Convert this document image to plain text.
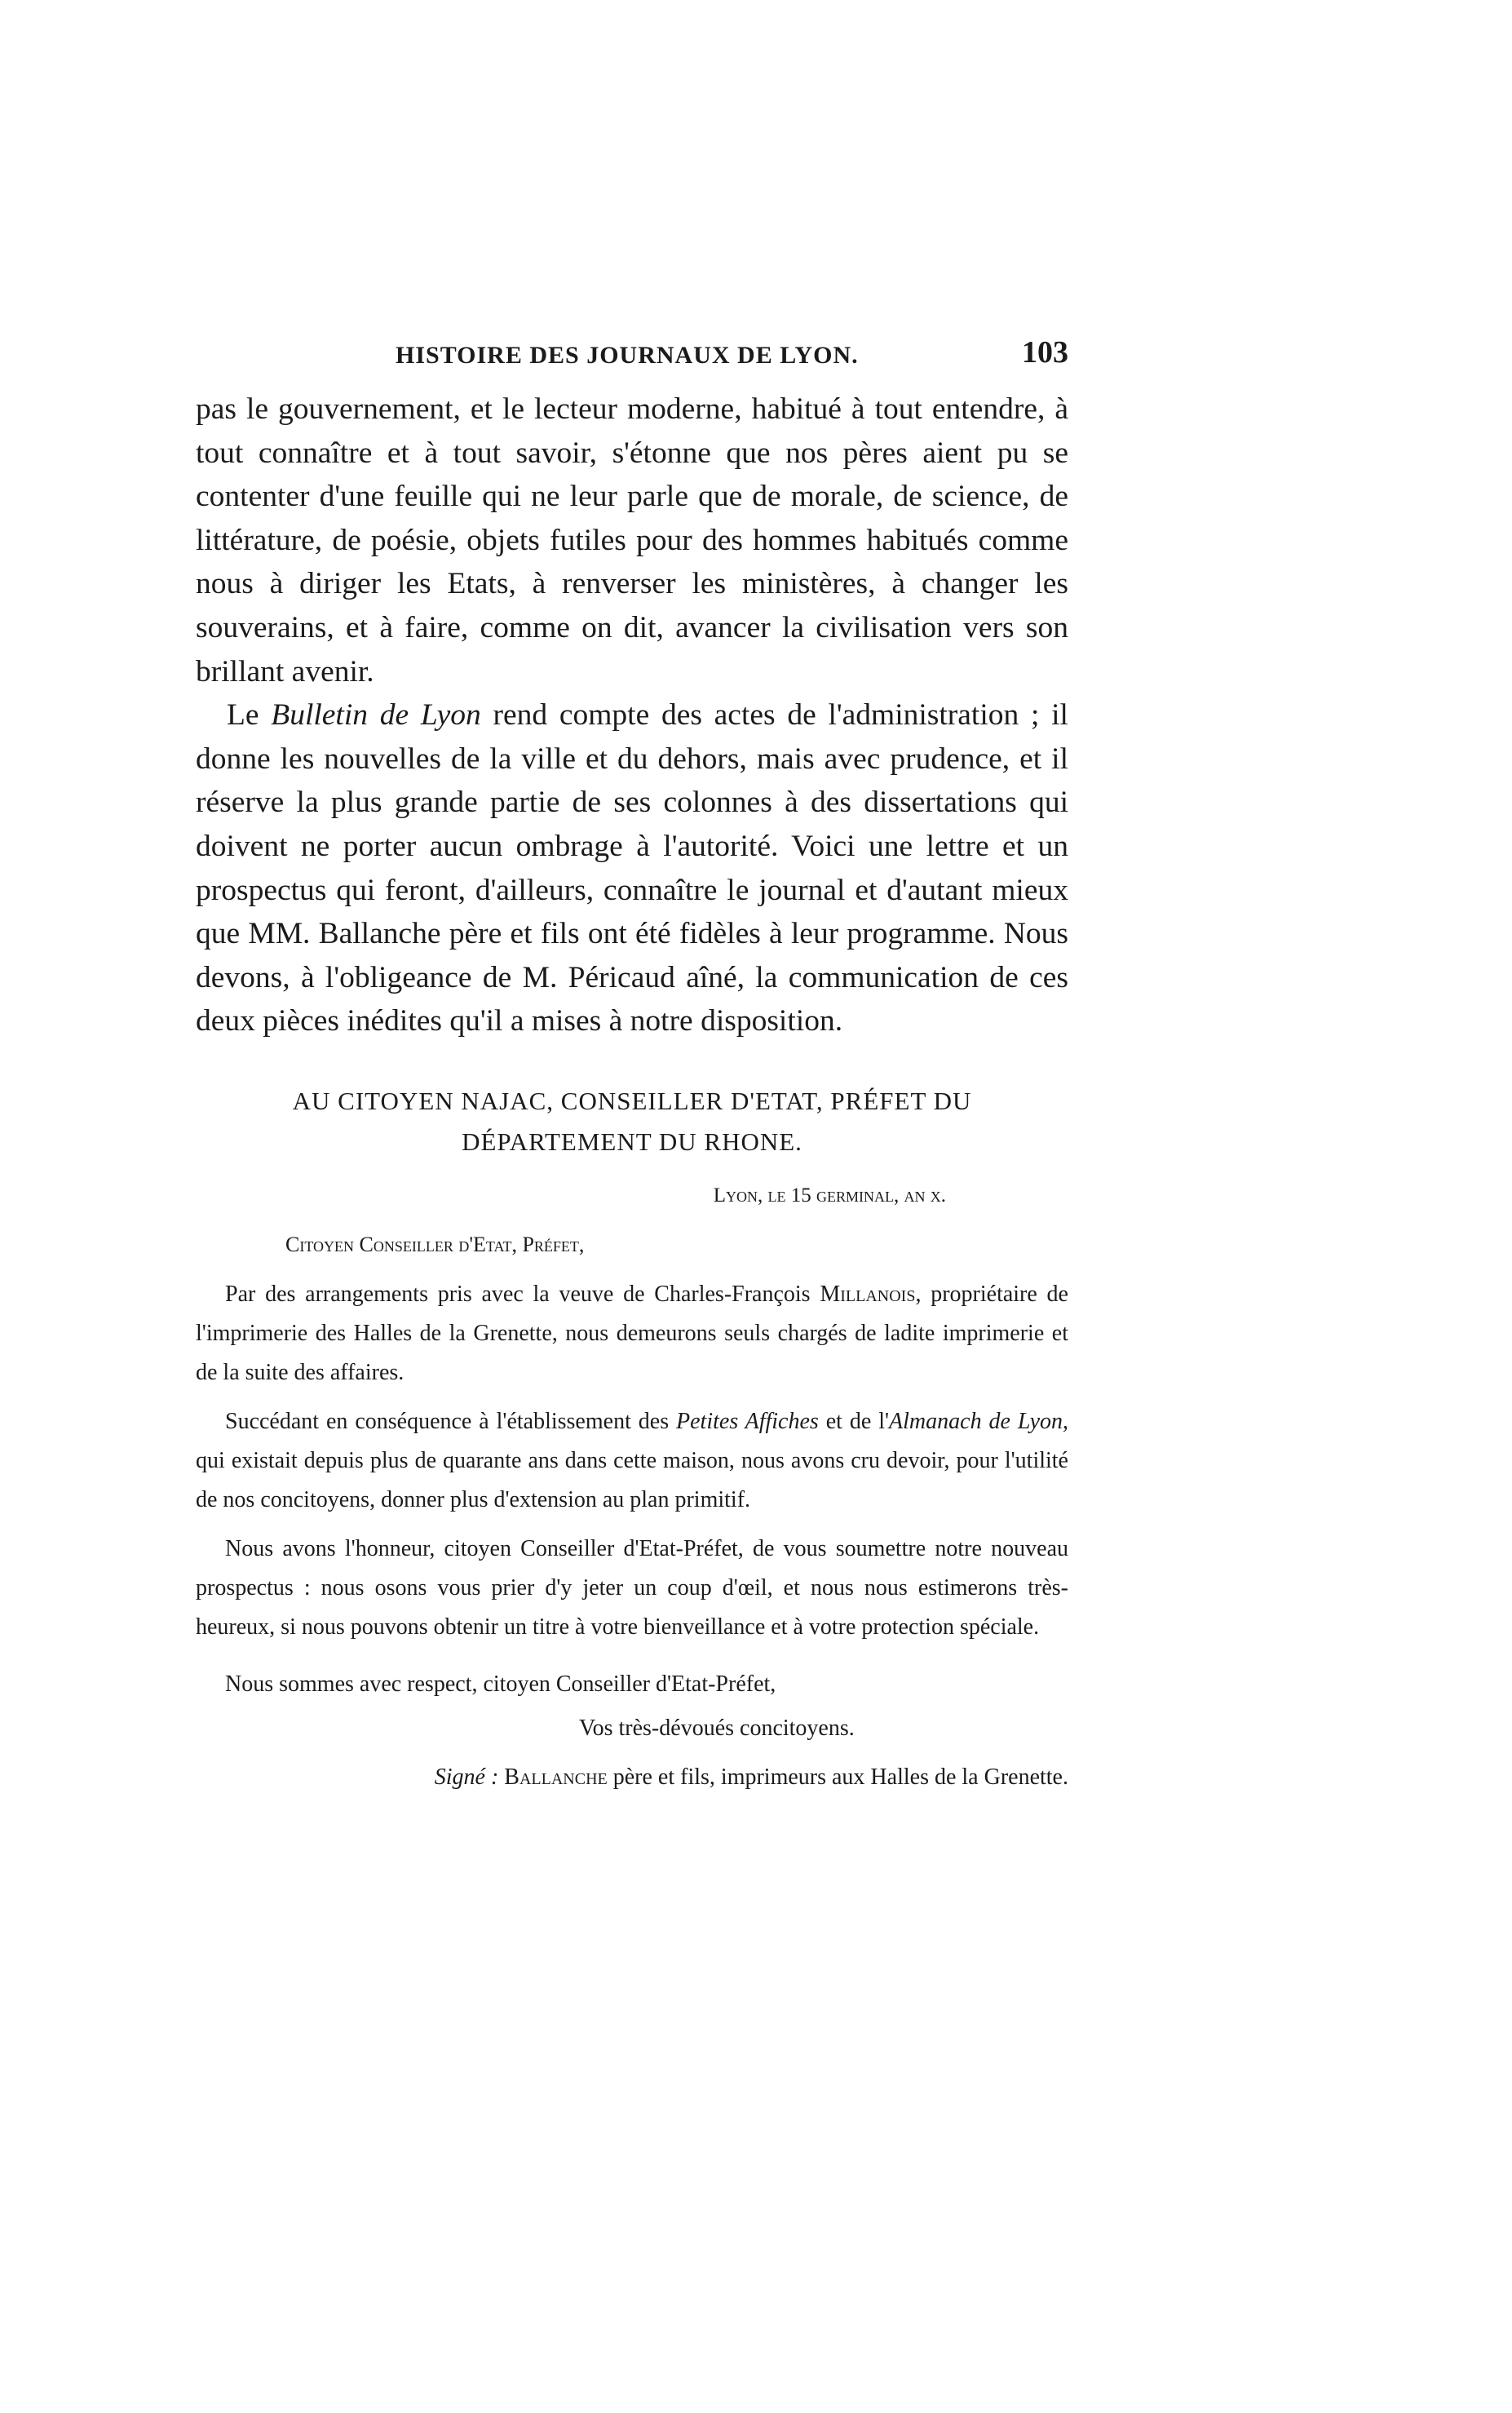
HISTOIRE DES JOURNAUX DE LYON.	103

pas le gouvernement, et le lecteur moderne, habitué à tout entendre, à tout connaître et à tout savoir, s'étonne que nos pères aient pu se contenter d'une feuille qui ne leur parle que de morale, de science, de littérature, de poésie, objets futiles pour des hommes habitués comme nous à diriger les Etats, à renverser les ministères, à changer les souverains, et à faire, comme on dit, avancer la civilisation vers son brillant avenir.

Le Bulletin de Lyon rend compte des actes de l'administration ; il donne les nouvelles de la ville et du dehors, mais avec prudence, et il réserve la plus grande partie de ses colonnes à des dissertations qui doivent ne porter aucun ombrage à l'autorité. Voici une lettre et un prospectus qui feront, d'ailleurs, connaître le journal et d'autant mieux que MM. Ballanche père et fils ont été fidèles à leur programme. Nous devons, à l'obligeance de M. Péricaud aîné, la communication de ces deux pièces inédites qu'il a mises à notre disposition.

AU CITOYEN NAJAC, CONSEILLER D'ETAT, PRÉFET DU
DÉPARTEMENT DU RHONE.
Lyon, le 15 germinal, an x.
Citoyen Conseiller d'Etat, Préfet,

Par des arrangements pris avec la veuve de Charles-François Millanois, propriétaire de l'imprimerie des Halles de la Grenette, nous demeurons seuls chargés de ladite imprimerie et de la suite des affaires.

Succédant en conséquence à l'établissement des Petites Affiches et de l'Almanach de Lyon, qui existait depuis plus de quarante ans dans cette maison, nous avons cru devoir, pour l'utilité de nos concitoyens, donner plus d'extension au plan primitif.

Nous avons l'honneur, citoyen Conseiller d'Etat-Préfet, de vous soumettre notre nouveau prospectus : nous osons vous prier d'y jeter un coup d'œil, et nous nous estimerons très-heureux, si nous pouvons obtenir un titre à votre bienveillance et à votre protection spéciale.

Nous sommes avec respect, citoyen Conseiller d'Etat-Préfet,
Vos très-dévoués concitoyens.
Signé : Ballanche père et fils, imprimeurs aux Halles de la Grenette.
